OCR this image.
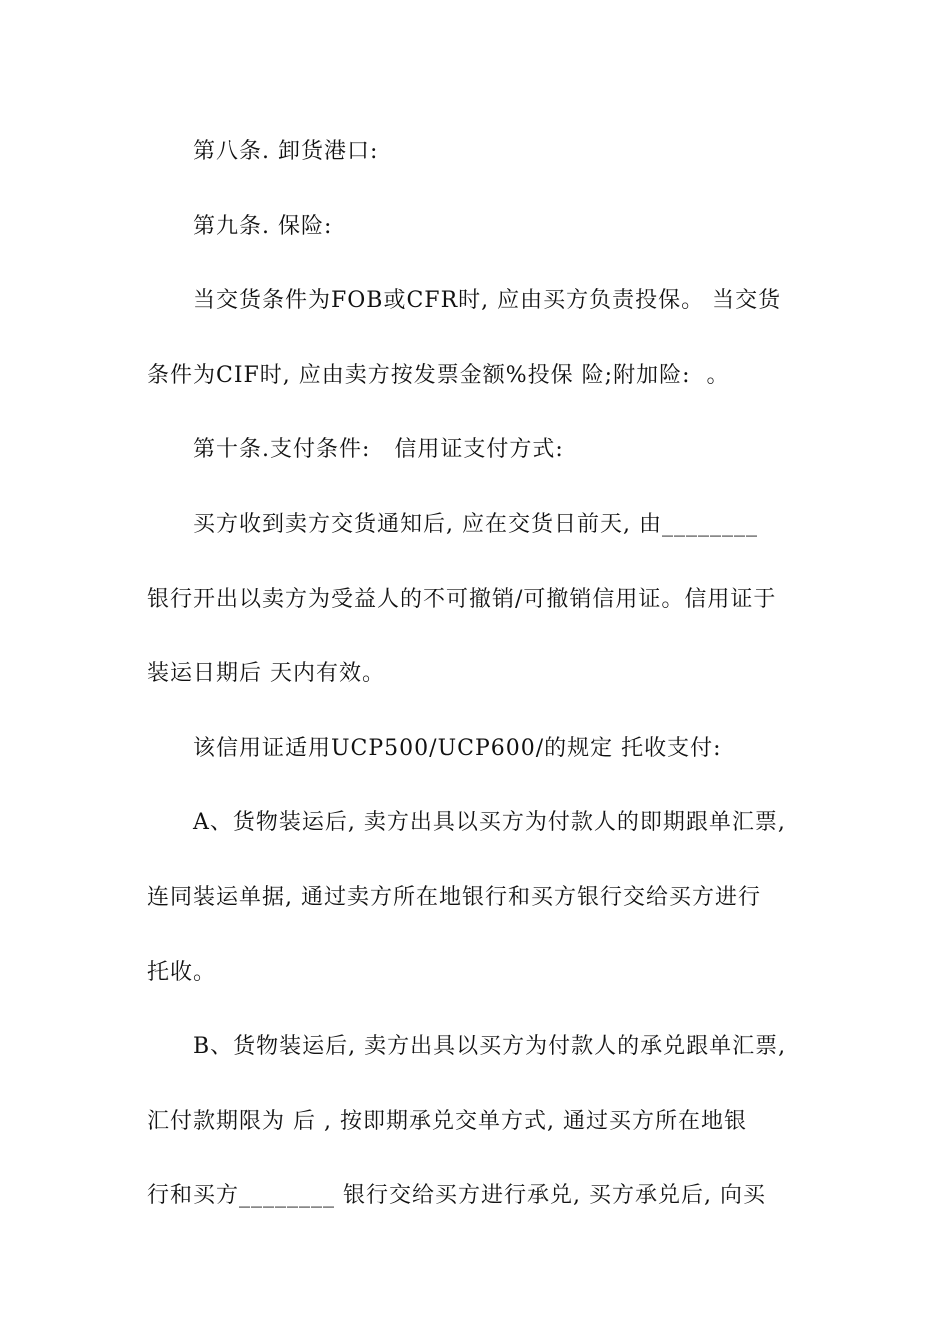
第八条. 卸货港口:
第九条. 保险:
当交货条件为FOB或CFR时, 应由买方负责投保。 当交货
条件为CIF时, 应由卖方按发票金额%投保 险;附加险:  。
第十条.支付条件:   信用证支付方式:
买方收到卖方交货通知后, 应在交货日前天, 由________
银行开出以卖方为受益人的不可撤销/可撤销信用证。信用证于
装运日期后 天内有效。
该信用证适用UCP500/UCP600/的规定 托收支付:
A、货物装运后, 卖方出具以买方为付款人的即期跟单汇票,
连同装运单据, 通过卖方所在地银行和买方银行交给买方进行
托收。
B、货物装运后, 卖方出具以买方为付款人的承兑跟单汇票,
汇付款期限为 后 , 按即期承兑交单方式, 通过买方所在地银
行和买方________ 银行交给买方进行承兑, 买方承兑后, 向买
